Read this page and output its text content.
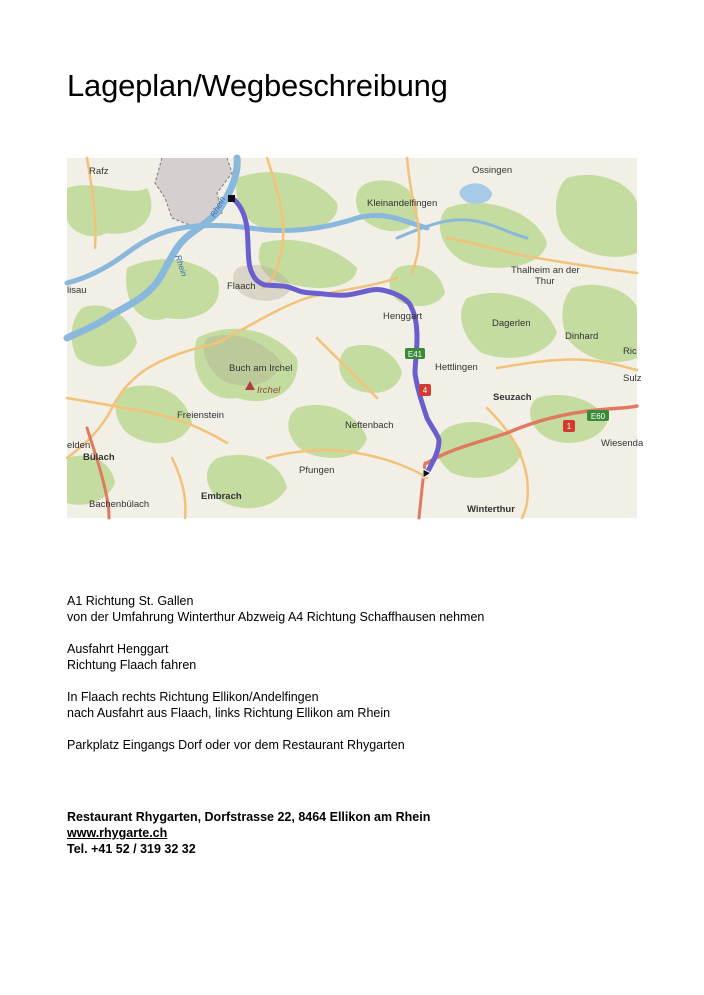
Lageplan/Wegbeschreibung
E41
4
E60
1
Rafz
Rhein
Rhein
Ossingen
Kleinandelfingen
Thalheim an der
Thur
lisau	Flaach
Henggart
Dagerlen
Dinhard
Ric
Hettlingen
Buch am Irchel
Irchel
Sulz
Seuzach
Freienstein
Neftenbach
Wiesenda
elden
Bülach
Pfungen
Embrach
Bachenbülach	Winterthur

A1 Richtung St. Gallen
von der Umfahrung Winterthur Abzweig A4 Richtung Schaffhausen nehmen

Ausfahrt Henggart
Richtung Flaach fahren

In Flaach rechts Richtung Ellikon/Andelfingen
nach Ausfahrt aus Flaach, links Richtung Ellikon am Rhein

Parkplatz Eingangs Dorf oder vor dem Restaurant Rhygarten

Restaurant Rhygarten, Dorfstrasse 22, 8464 Ellikon am Rhein
www.rhygarte.ch
Tel. +41 52 / 319 32 32
